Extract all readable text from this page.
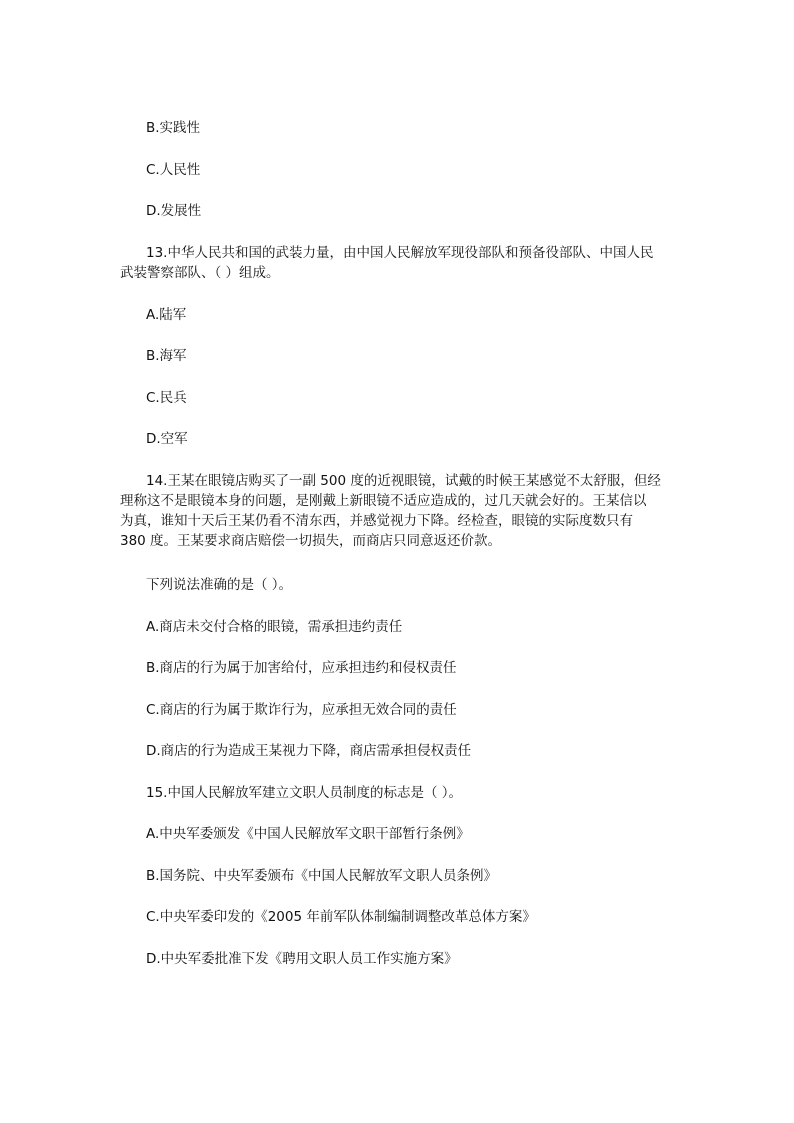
B.实践性
C.人民性
D.发展性
13.中华人民共和国的武装力量，由中国人民解放军现役部队和预备役部队、中国人民
武装警察部队、（ ）组成。
A.陆军
B.海军
C.民兵
D.空军
14.王某在眼镜店购买了一副 500 度的近视眼镜，试戴的时候王某感觉不太舒服，但经
理称这不是眼镜本身的问题，是刚戴上新眼镜不适应造成的，过几天就会好的。王某信以
为真，谁知十天后王某仍看不清东西，并感觉视力下降。经检查，眼镜的实际度数只有
380 度。王某要求商店赔偿一切损失，而商店只同意返还价款。
下列说法准确的是（ ）。
A.商店未交付合格的眼镜，需承担违约责任
B.商店的行为属于加害给付，应承担违约和侵权责任
C.商店的行为属于欺诈行为，应承担无效合同的责任
D.商店的行为造成王某视力下降，商店需承担侵权责任
15.中国人民解放军建立文职人员制度的标志是（ ）。
A.中央军委颁发《中国人民解放军文职干部暂行条例》
B.国务院、中央军委颁布《中国人民解放军文职人员条例》
C.中央军委印发的《2005 年前军队体制编制调整改革总体方案》
D.中央军委批准下发《聘用文职人员工作实施方案》
